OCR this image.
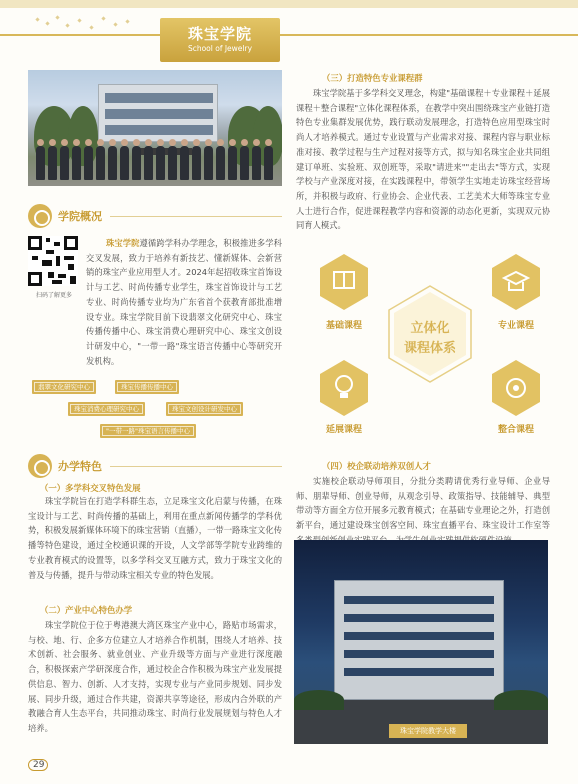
珠宝学院
School of Jewelry
学院概况
扫码了解更多
珠宝学院遵循跨学科办学理念，积极推进多学科交叉发展，致力于培养有新技艺、懂新媒体、会新营销的珠宝产业应用型人才。2024年起招收珠宝首饰设计与工艺、时尚传播专业学生，珠宝首饰设计与工艺专业、时尚传播专业均为广东省首个获教育部批准增设专业。珠宝学院目前下设翡翠文化研究中心、珠宝传播传播中心、珠宝消费心理研究中心、珠宝文创设计研发中心，"一带一路"珠宝语言传播中心等研究开发机构。
翡翠文化研究中心	珠宝传播传播中心
珠宝消费心理研究中心	珠宝文创设计研发中心
"一带一路"珠宝语言传播中心
办学特色
（一）多学科交叉特色发展
珠宝学院旨在打造学科群生态，立足珠宝文化启蒙与传播，在珠宝设计与工艺、时尚传播的基础上，利用在重点新闻传播学的学科优势，积极发展新媒体环境下的珠宝营销（直播），一带一路珠宝文化传播等特色建设，通过全校通识课的开设，人文学部等学院专业跨维的专业教育模式的设置等，以多学科交叉互融方式，致力于珠宝文化的普及与传播，提升与带动珠宝相关专业的特色发展。
（二）产业中心特色办学
珠宝学院位于位于粤港澳大湾区珠宝产业中心，路贴市场需求，与校、地、行、企多方位建立人才培养合作机制，围绕人才培养、技术创新、社会服务、就业创业、产业升级等方面与产业进行深度融合，积极探索产学研深度合作，通过校企合作积极为珠宝产业发展提供信息、智力、创新、人才支持，实现专业与产业同步规划、同步发展、同步升级，通过合作共建，资源共享等途径，形成内合外联的产教融合育人生态平台，共同推动珠宝、时尚行业发展规划与特色人才培养。
（三）打造特色专业课程群
珠宝学院基于多学科交叉理念，构建"基础课程＋专业课程＋延展课程＋整合课程"立体化课程体系，在教学中突出围绕珠宝产业链打造特色专业集群发展优势，践行联动发展理念，打造特色应用型珠宝时尚人才培养模式。通过专业设置与产业需求对接、课程内容与职业标准对接、教学过程与生产过程对接等方式，拟与知名珠宝企业共同组建订单班、实验班、双创班等，采取"请进来""走出去"等方式，实现学校与产业深度对接，在实践课程中，带领学生实地走访珠宝经营场所，并积极与政府、行业协会、企业代表、工艺美术大师等珠宝专业人士进行合作，促进课程教学内容和资源的动态化更新，实现双元协同育人模式。
立体化
课程体系
基础课程	专业课程
延展课程	整合课程
（四）校企联动培养双创人才
实施校企联动导师项目，分批分类聘请优秀行业导师、企业导师、朋辈导师、创业导师，从观念引导、政策指导、技能辅导、典型带动等方面全方位开展多元教育模式；在基础专业理论之外，打造创新平台，通过建设珠宝创客空间、珠宝直播平台、珠宝设计工作室等
珠宝学院教学大楼
29
